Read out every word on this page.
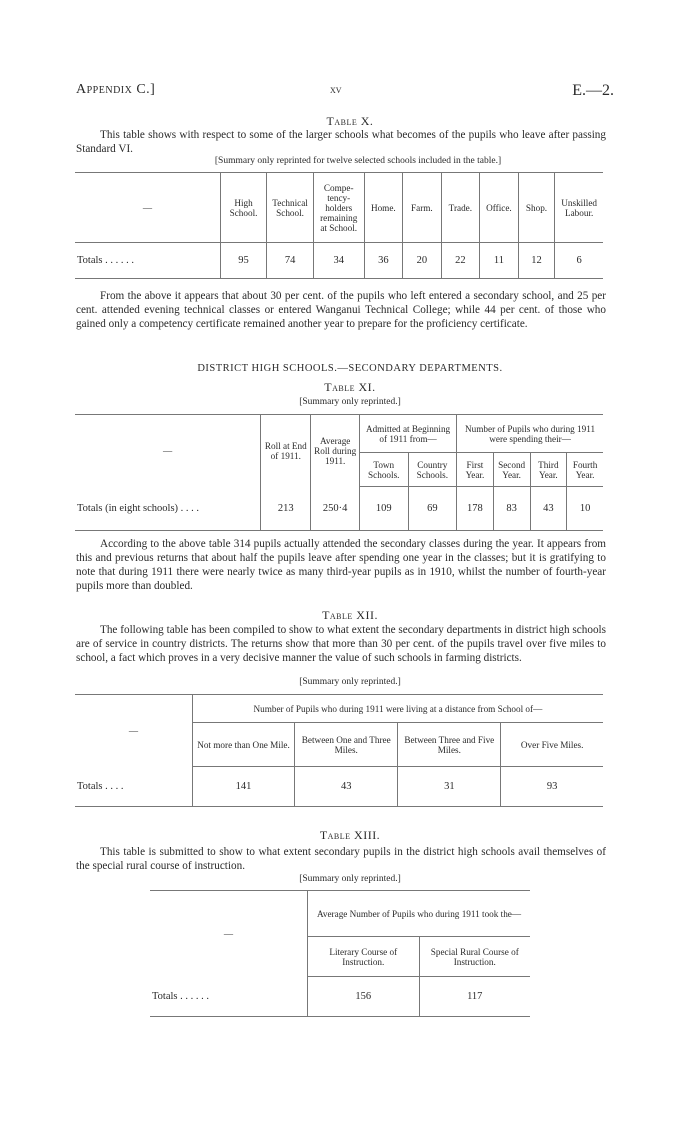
Appendix C.]	xv	E.—2.
Table X.
This table shows with respect to some of the larger schools what becomes of the pupils who leave after passing Standard VI.
[Summary only reprinted for twelve selected schools included in the table.]
—	High School.	Technical School.	Compe-tency-holders remaining at School.	Home.	Farm.	Trade.	Office.	Shop.	Unskilled Labour.
Totals . . . . . .	95	74	34	36	20	22	11	12	6
From the above it appears that about 30 per cent. of the pupils who left entered a secondary school, and 25 per cent. attended evening technical classes or entered Wanganui Technical College; while 44 per cent. of those who gained only a competency certificate remained another year to prepare for the proficiency certificate.
DISTRICT HIGH SCHOOLS.—SECONDARY DEPARTMENTS.
Table XI.
[Summary only reprinted.]
—	Roll at End of 1911.	Average Roll during 1911.	Admitted at Beginning of 1911 from—		Number of Pupils who during 1911 were spending their—			
			Town Schools.	Country Schools.	First Year.	Second Year.	Third Year.	Fourth Year.
Totals (in eight schools) . . . .	213	250·4	109	69	178	83	43	10
According to the above table 314 pupils actually attended the secondary classes during the year. It appears from this and previous returns that about half the pupils leave after spending one year in the classes; but it is gratifying to note that during 1911 there were nearly twice as many third-year pupils as in 1910, whilst the number of fourth-year pupils more than doubled.
Table XII.
The following table has been compiled to show to what extent the secondary departments in district high schools are of service in country districts. The returns show that more than 30 per cent. of the pupils travel over five miles to school, a fact which proves in a very decisive manner the value of such schools in farming districts.
[Summary only reprinted.]
—	Number of Pupils who during 1911 were living at a distance from School of—			
	Not more than One Mile.	Between One and Three Miles.	Between Three and Five Miles.	Over Five Miles.
Totals . . . .	141	43	31	93
Table XIII.
This table is submitted to show to what extent secondary pupils in the district high schools avail themselves of the special rural course of instruction.
[Summary only reprinted.]
—	Average Number of Pupils who during 1911 took the—	
	Literary Course of Instruction.	Special Rural Course of Instruction.
Totals . . . . . .	156	117
